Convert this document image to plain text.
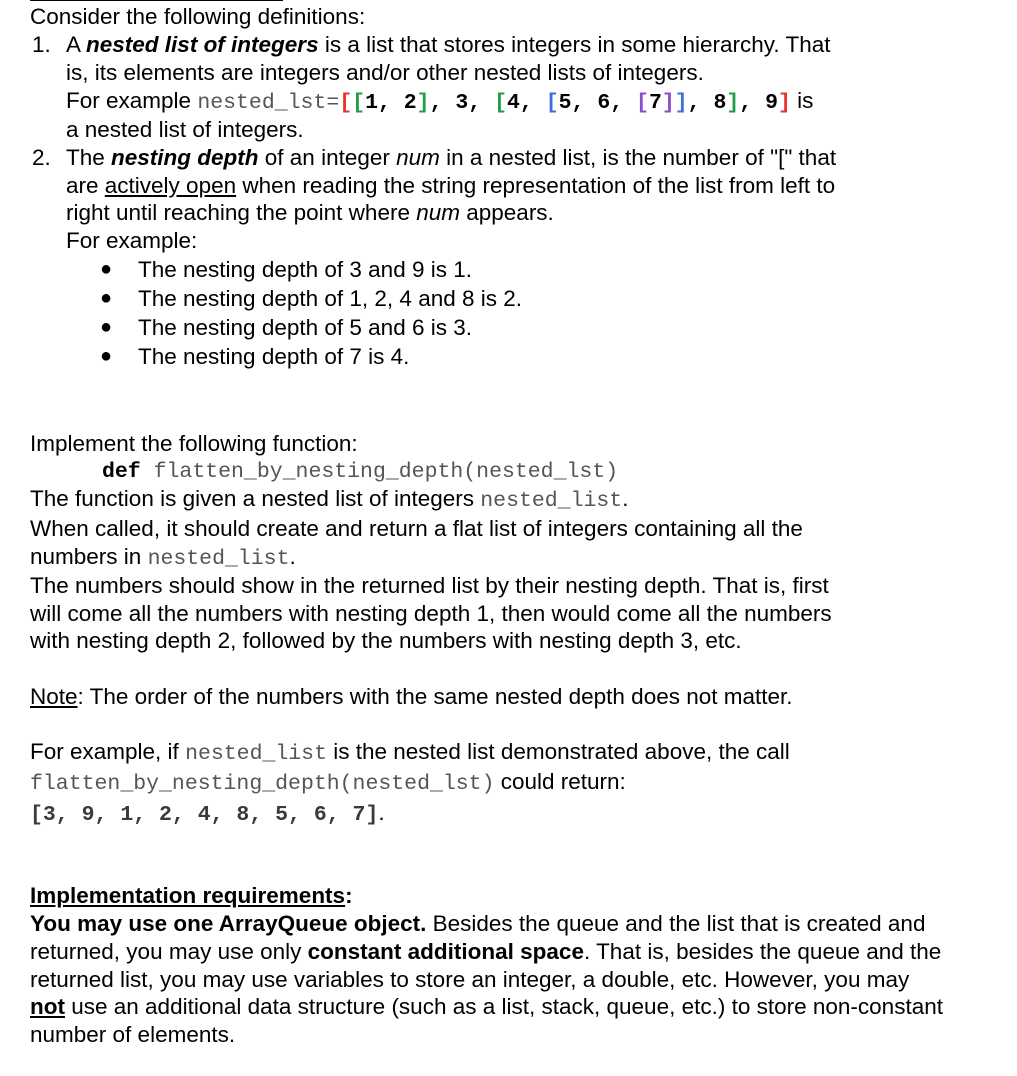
Consider the following definitions:
1. A nested list of integers is a list that stores integers in some hierarchy. That
is, its elements are integers and/or other nested lists of integers.
For example nested_lst=[[1, 2], 3, [4, [5, 6, [7]], 8], 9] is
a nested list of integers.
2. The nesting depth of an integer num in a nested list, is the number of "[" that
are actively open when reading the string representation of the list from left to
right until reaching the point where num appears.
For example:
● The nesting depth of 3 and 9 is 1.
● The nesting depth of 1, 2, 4 and 8 is 2.
● The nesting depth of 5 and 6 is 3.
● The nesting depth of 7 is 4.
Implement the following function:
def flatten_by_nesting_depth(nested_lst)
The function is given a nested list of integers nested_list.
When called, it should create and return a flat list of integers containing all the
numbers in nested_list.
The numbers should show in the returned list by their nesting depth. That is, first
will come all the numbers with nesting depth 1, then would come all the numbers
with nesting depth 2, followed by the numbers with nesting depth 3, etc.
Note: The order of the numbers with the same nested depth does not matter.
For example, if nested_list is the nested list demonstrated above, the call
flatten_by_nesting_depth(nested_lst) could return:
[3, 9, 1, 2, 4, 8, 5, 6, 7].
Implementation requirements:
You may use one ArrayQueue object. Besides the queue and the list that is created and
returned, you may use only constant additional space. That is, besides the queue and the
returned list, you may use variables to store an integer, a double, etc. However, you may
not use an additional data structure (such as a list, stack, queue, etc.) to store non-constant
number of elements.
